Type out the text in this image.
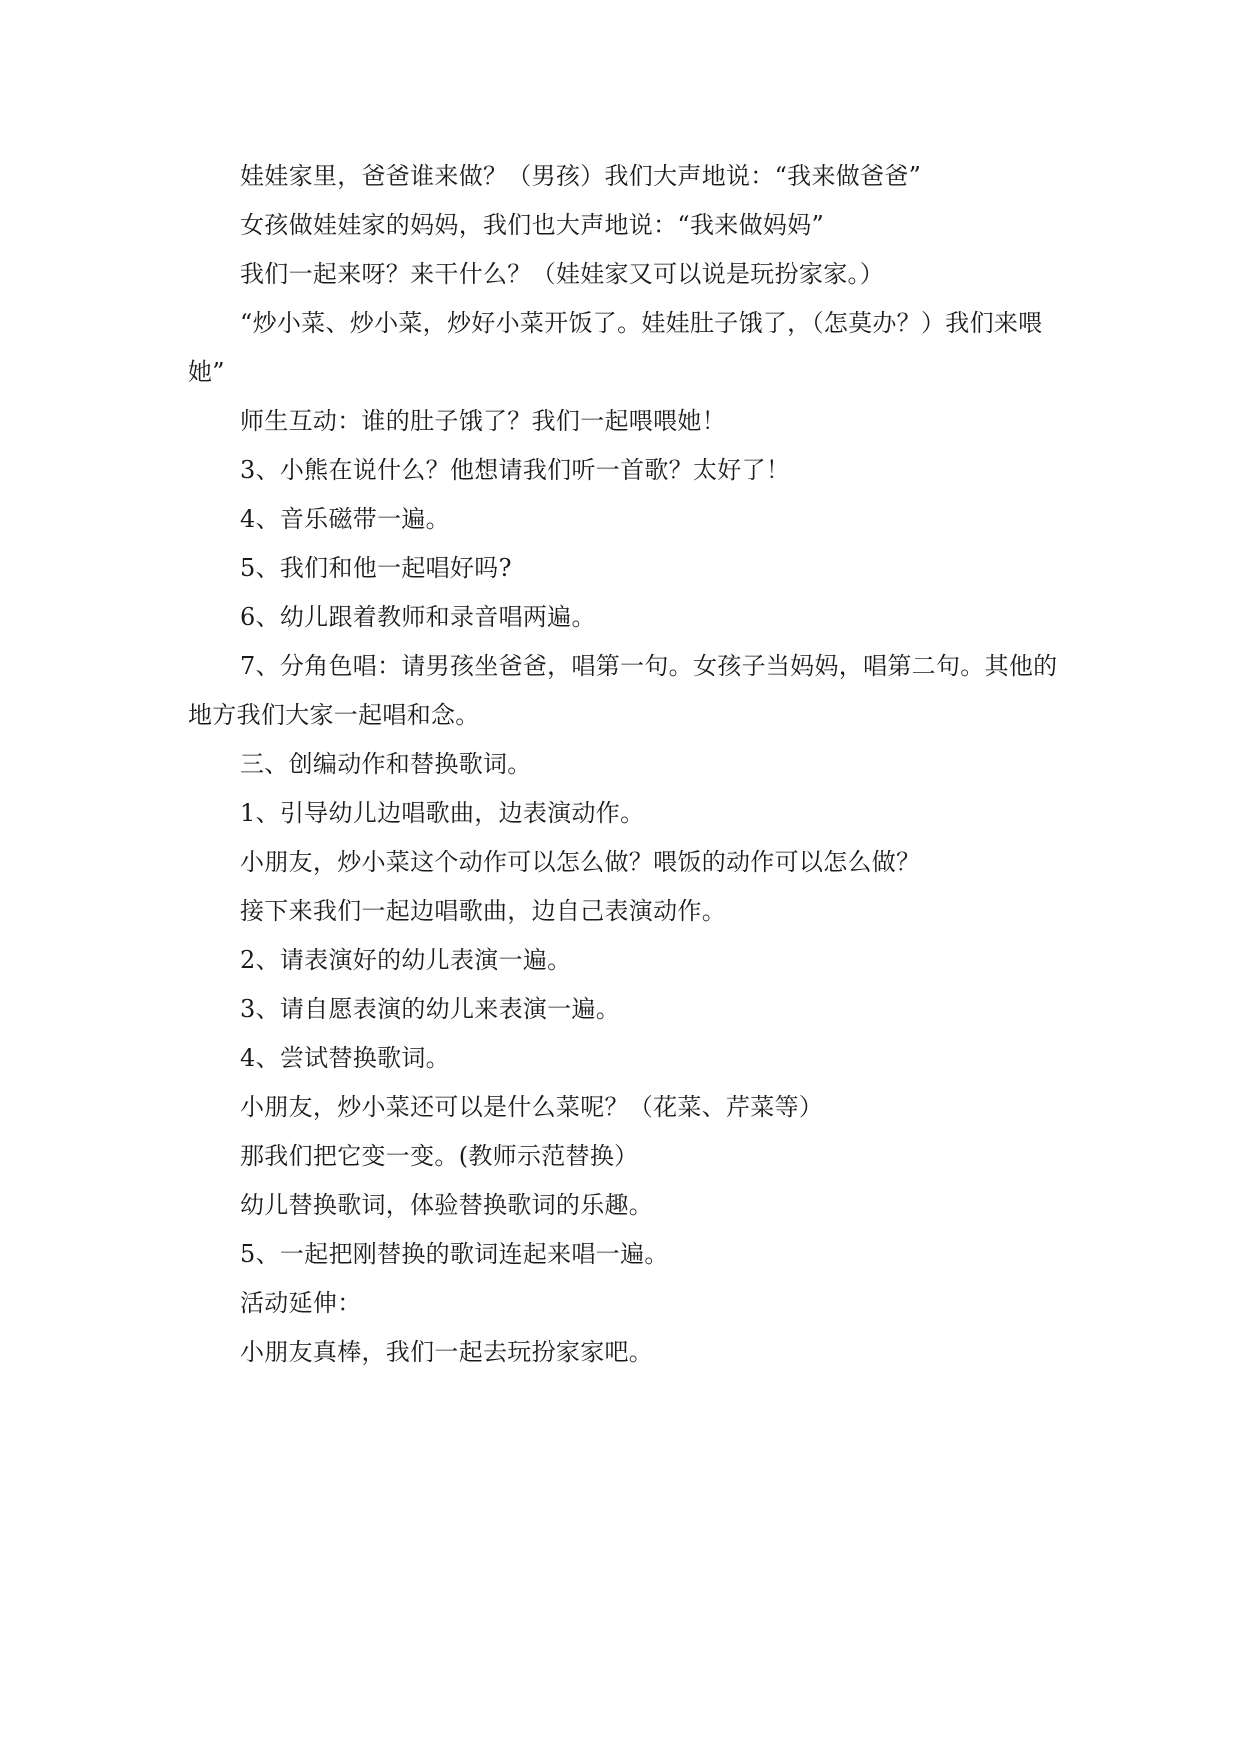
娃娃家里，爸爸谁来做？（男孩）我们大声地说：“我来做爸爸”

女孩做娃娃家的妈妈，我们也大声地说：“我来做妈妈”

我们一起来呀？来干什么？（娃娃家又可以说是玩扮家家。）

“炒小菜、炒小菜，炒好小菜开饭了。娃娃肚子饿了，（怎莫办？）我们来喂她”

师生互动：谁的肚子饿了？我们一起喂喂她！

3、小熊在说什么？他想请我们听一首歌？太好了！

4、音乐磁带一遍。

5、我们和他一起唱好吗?

6、幼儿跟着教师和录音唱两遍。

7、分角色唱：请男孩坐爸爸，唱第一句。女孩子当妈妈，唱第二句。其他的地方我们大家一起唱和念。

三、创编动作和替换歌词。

1、引导幼儿边唱歌曲，边表演动作。

小朋友，炒小菜这个动作可以怎么做？喂饭的动作可以怎么做？

接下来我们一起边唱歌曲，边自己表演动作。

2、请表演好的幼儿表演一遍。

3、请自愿表演的幼儿来表演一遍。

4、尝试替换歌词。

小朋友，炒小菜还可以是什么菜呢？（花菜、芹菜等）

那我们把它变一变。(教师示范替换）

幼儿替换歌词，体验替换歌词的乐趣。

5、一起把刚替换的歌词连起来唱一遍。

活动延伸：

小朋友真棒，我们一起去玩扮家家吧。
